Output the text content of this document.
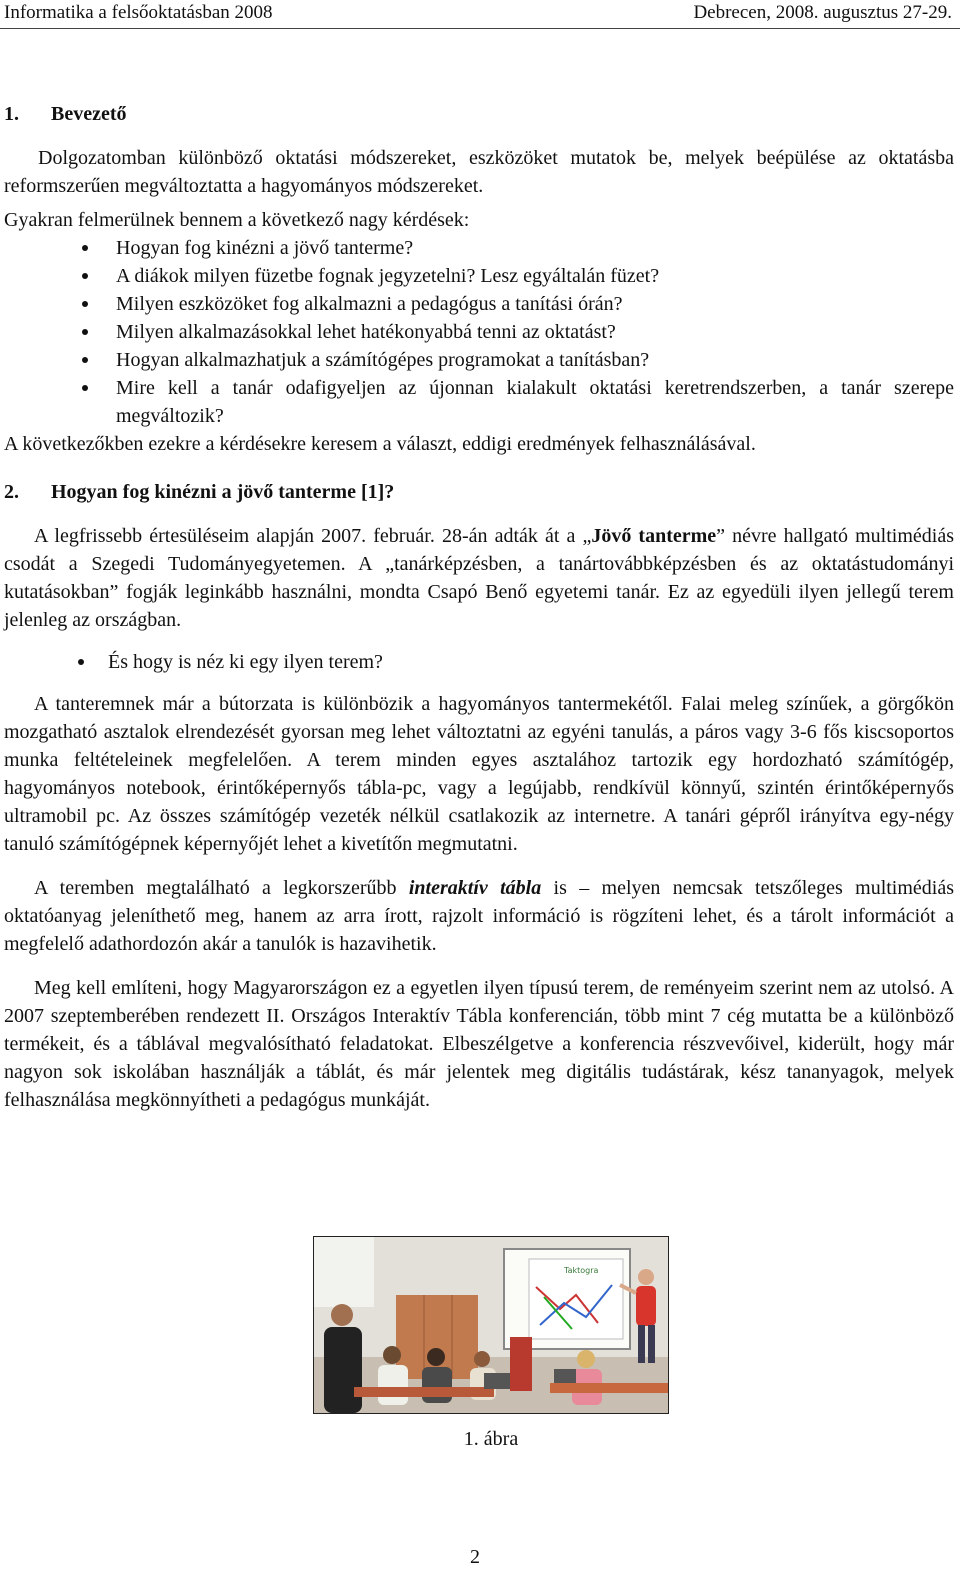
Informatika a felsőoktatásban 2008	Debrecen, 2008. augusztus 27-29.
1. Bevezető

Dolgozatomban különböző oktatási módszereket, eszközöket mutatok be, melyek beépülése az oktatásba reformszerűen megváltoztatta a hagyományos módszereket.

Gyakran felmerülnek bennem a következő nagy kérdések:

Hogyan fog kinézni a jövő tanterme?
A diákok milyen füzetbe fognak jegyzetelni? Lesz egyáltalán füzet?
Milyen eszközöket fog alkalmazni a pedagógus a tanítási órán?
Milyen alkalmazásokkal lehet hatékonyabbá tenni az oktatást?
Hogyan alkalmazhatjuk a számítógépes programokat a tanításban?
Mire kell a tanár odafigyeljen az újonnan kialakult oktatási keretrendszerben, a tanár szerepe megváltozik?

A következőkben ezekre a kérdésekre keresem a választ, eddigi eredmények felhasználásával.

2. Hogyan fog kinézni a jövő tanterme [1]?

A legfrissebb értesüléseim alapján 2007. február. 28-án adták át a „Jövő tanterme” névre hallgató multimédiás csodát a Szegedi Tudományegyetemen. A „tanárképzésben, a tanártovábbképzésben és az oktatástudományi kutatásokban” fogják leginkább használni, mondta Csapó Benő egyetemi tanár. Ez az egyedüli ilyen jellegű terem jelenleg az országban.

És hogy is néz ki egy ilyen terem?

A tanteremnek már a bútorzata is különbözik a hagyományos tantermekétől. Falai meleg színűek, a görgőkön mozgatható asztalok elrendezését gyorsan meg lehet változtatni az egyéni tanulás, a páros vagy 3-6 fős kiscsoportos munka feltételeinek megfelelően. A terem minden egyes asztalához tartozik egy hordozható számítógép, hagyományos notebook, érintőképernyős tábla-pc, vagy a legújabb, rendkívül könnyű, szintén érintőképernyős ultramobil pc. Az összes számítógép vezeték nélkül csatlakozik az internetre. A tanári gépről irányítva egy-négy tanuló számítógépnek képernyőjét lehet a kivetítőn megmutatni.

A teremben megtalálható a legkorszerűbb interaktív tábla is – melyen nemcsak tetszőleges multimédiás oktatóanyag jeleníthető meg, hanem az arra írott, rajzolt információ is rögzíteni lehet, és a tárolt információt a megfelelő adathordozón akár a tanulók is hazavihetik.

Meg kell említeni, hogy Magyarországon ez a egyetlen ilyen típusú terem, de reményeim szerint nem az utolsó. A 2007 szeptemberében rendezett II. Országos Interaktív Tábla konferencián, több mint 7 cég mutatta be a különböző termékeit, és a táblával megvalósítható feladatokat. Elbeszélgetve a konferencia részvevőivel, kiderült, hogy már nagyon sok iskolában használják a táblát, és már jelentek meg digitális tudástárak, kész tananyagok, melyek felhasználása megkönnyítheti a pedagógus munkáját.

Taktogra
1. ábra
2
